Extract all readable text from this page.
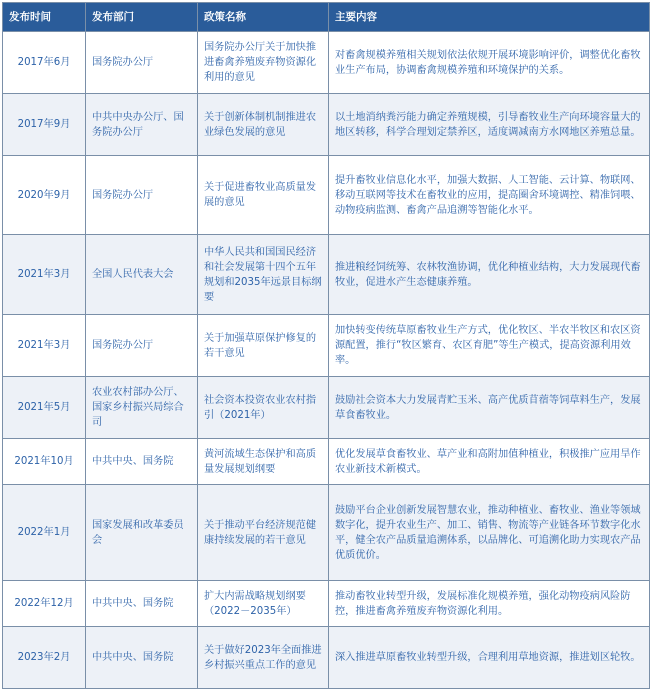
发布时间	发布部门	政策名称	主要内容
2017年6月	国务院办公厅	国务院办公厅关于加快推进畜禽养殖废弃物资源化利用的意见	对畜禽规模养殖相关规划依法依规开展环境影响评价，调整优化畜牧业生产布局，协调畜禽规模养殖和环境保护的关系。
2017年9月	中共中央办公厅、国务院办公厅	关于创新体制机制推进农业绿色发展的意见	以土地消纳粪污能力确定养殖规模，引导畜牧业生产向环境容量大的地区转移，科学合理划定禁养区，适度调减南方水网地区养殖总量。
2020年9月	国务院办公厅	关于促进畜牧业高质量发展的意见	提升畜牧业信息化水平，加强大数据、人工智能、云计算、物联网、移动互联网等技术在畜牧业的应用，提高圈舍环境调控、精准饲喂、动物疫病监测、畜禽产品追溯等智能化水平。
2021年3月	全国人民代表大会	中华人民共和国国民经济和社会发展第十四个五年规划和2035年远景目标纲要	推进粮经饲统筹、农林牧渔协调，优化种植业结构，大力发展现代畜牧业，促进水产生态健康养殖。
2021年3月	国务院办公厅	关于加强草原保护修复的若干意见	加快转变传统草原畜牧业生产方式，优化牧区、半农半牧区和农区资源配置，推行“牧区繁育、农区育肥”等生产模式，提高资源利用效率。
2021年5月	农业农村部办公厅、国家乡村振兴局综合司	社会资本投资农业农村指引（2021年）	鼓励社会资本大力发展青贮玉米、高产优质苜蓿等饲草料生产，发展草食畜牧业。
2021年10月	中共中央、国务院	黄河流域生态保护和高质量发展规划纲要	优化发展草食畜牧业、草产业和高附加值种植业，积极推广应用旱作农业新技术新模式。
2022年1月	国家发展和改革委员会	关于推动平台经济规范健康持续发展的若干意见	鼓励平台企业创新发展智慧农业，推动种植业、畜牧业、渔业等领域数字化，提升农业生产、加工、销售、物流等产业链各环节数字化水平，健全农产品质量追溯体系，以品牌化、可追溯化助力实现农产品优质优价。
2022年12月	中共中央、国务院	扩大内需战略规划纲要（2022－2035年）	推动畜牧业转型升级，发展标准化规模养殖，强化动物疫病风险防控，推进畜禽养殖废弃物资源化利用。
2023年2月	中共中央、国务院	关于做好2023年全面推进乡村振兴重点工作的意见	深入推进草原畜牧业转型升级，合理利用草地资源，推进划区轮牧。
